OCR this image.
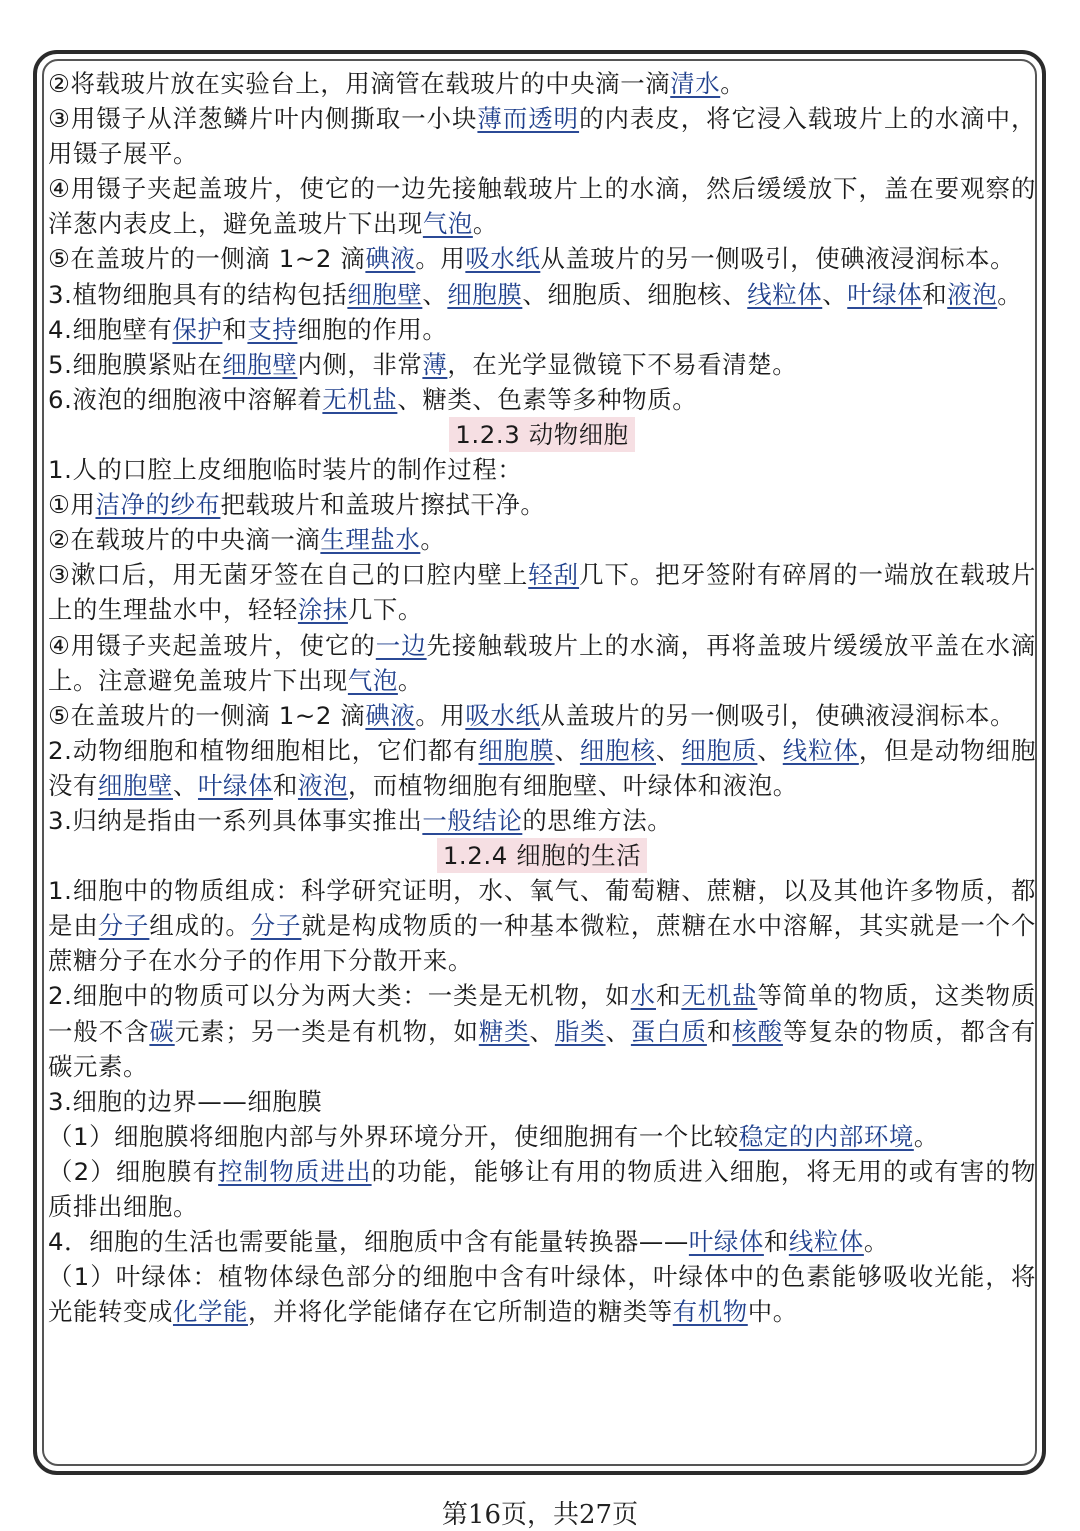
②将载玻片放在实验台上，用滴管在载玻片的中央滴一滴清水。

③用镊子从洋葱鳞片叶内侧撕取一小块薄而透明的内表皮，将它浸入载玻片上的水滴中，用镊子展平。

④用镊子夹起盖玻片，使它的一边先接触载玻片上的水滴，然后缓缓放下，盖在要观察的洋葱内表皮上，避免盖玻片下出现气泡。

⑤在盖玻片的一侧滴 1~2 滴碘液。用吸水纸从盖玻片的另一侧吸引，使碘液浸润标本。

3.植物细胞具有的结构包括细胞壁、细胞膜、细胞质、细胞核、线粒体、叶绿体和液泡。

4.细胞壁有保护和支持细胞的作用。

5.细胞膜紧贴在细胞壁内侧，非常薄，在光学显微镜下不易看清楚。

6.液泡的细胞液中溶解着无机盐、糖类、色素等多种物质。

1.2.3 动物细胞

1.人的口腔上皮细胞临时装片的制作过程：

①用洁净的纱布把载玻片和盖玻片擦拭干净。

②在载玻片的中央滴一滴生理盐水。

③漱口后，用无菌牙签在自己的口腔内壁上轻刮几下。把牙签附有碎屑的一端放在载玻片上的生理盐水中，轻轻涂抹几下。

④用镊子夹起盖玻片，使它的一边先接触载玻片上的水滴，再将盖玻片缓缓放平盖在水滴上。注意避免盖玻片下出现气泡。

⑤在盖玻片的一侧滴 1~2 滴碘液。用吸水纸从盖玻片的另一侧吸引，使碘液浸润标本。

2.动物细胞和植物细胞相比，它们都有细胞膜、细胞核、细胞质、线粒体，但是动物细胞没有细胞壁、叶绿体和液泡，而植物细胞有细胞壁、叶绿体和液泡。

3.归纳是指由一系列具体事实推出一般结论的思维方法。

1.2.4 细胞的生活

1.细胞中的物质组成：科学研究证明，水、氧气、葡萄糖、蔗糖，以及其他许多物质，都是由分子组成的。分子就是构成物质的一种基本微粒，蔗糖在水中溶解，其实就是一个个蔗糖分子在水分子的作用下分散开来。

2.细胞中的物质可以分为两大类：一类是无机物，如水和无机盐等简单的物质，这类物质一般不含碳元素；另一类是有机物，如糖类、脂类、蛋白质和核酸等复杂的物质，都含有碳元素。

3.细胞的边界——细胞膜

（1）细胞膜将细胞内部与外界环境分开，使细胞拥有一个比较稳定的内部环境。

（2）细胞膜有控制物质进出的功能，能够让有用的物质进入细胞，将无用的或有害的物质排出细胞。

4．细胞的生活也需要能量，细胞质中含有能量转换器——叶绿体和线粒体。

（1）叶绿体：植物体绿色部分的细胞中含有叶绿体，叶绿体中的色素能够吸收光能，将光能转变成化学能，并将化学能储存在它所制造的糖类等有机物中。

第16页，共27页
